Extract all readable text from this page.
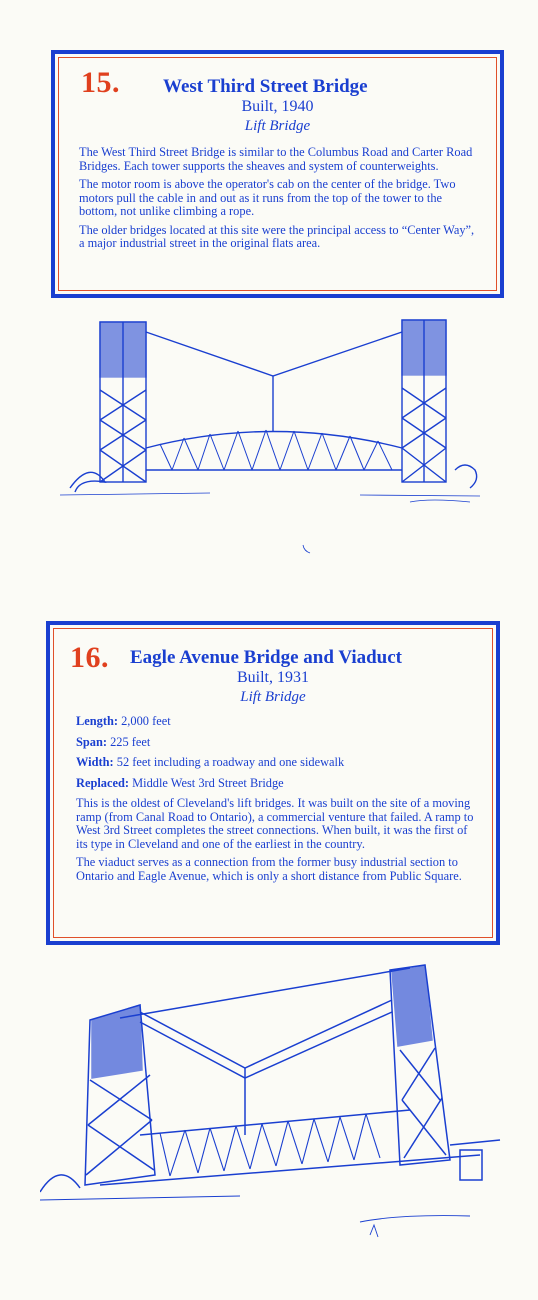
15. West Third Street Bridge
Built, 1940
Lift Bridge

The West Third Street Bridge is similar to the Columbus Road and Carter Road Bridges. Each tower supports the sheaves and system of counterweights.

The motor room is above the operator's cab on the center of the bridge. Two motors pull the cable in and out as it runs from the top of the tower to the bottom, not unlike climbing a rope.

The older bridges located at this site were the principal access to “Center Way”, a major industrial street in the original flats area.

16. Eagle Avenue Bridge and Viaduct
Built, 1931
Lift Bridge
Length: 2,000 feet
Span: 225 feet
Width: 52 feet including a roadway and one sidewalk
Replaced: Middle West 3rd Street Bridge

This is the oldest of Cleveland's lift bridges. It was built on the site of a moving ramp (from Canal Road to Ontario), a commercial venture that failed. A ramp to West 3rd Street completes the street connections. When built, it was the first of its type in Cleveland and one of the earliest in the country.

The viaduct serves as a connection from the former busy industrial section to Ontario and Eagle Avenue, which is only a short distance from Public Square.
